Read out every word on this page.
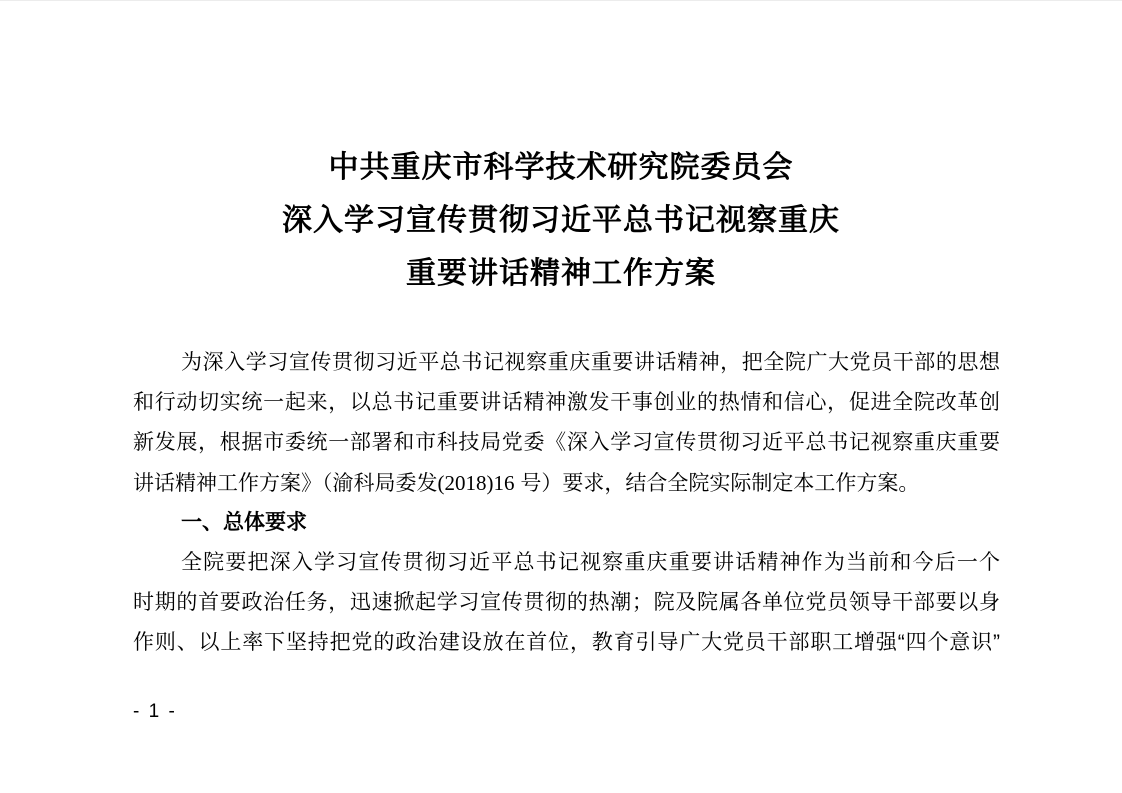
中共重庆市科学技术研究院委员会
深入学习宣传贯彻习近平总书记视察重庆
重要讲话精神工作方案
为深入学习宣传贯彻习近平总书记视察重庆重要讲话精神，把全院广大党员干部的思想
和行动切实统一起来，以总书记重要讲话精神激发干事创业的热情和信心，促进全院改革创
新发展，根据市委统一部署和市科技局党委《深入学习宣传贯彻习近平总书记视察重庆重要
讲话精神工作方案》（渝科局委发(2018)16 号）要求，结合全院实际制定本工作方案。
一、总体要求
全院要把深入学习宣传贯彻习近平总书记视察重庆重要讲话精神作为当前和今后一个
时期的首要政治任务，迅速掀起学习宣传贯彻的热潮；院及院属各单位党员领导干部要以身
作则、以上率下坚持把党的政治建设放在首位，教育引导广大党员干部职工增强“四个意识”
- 1 -
